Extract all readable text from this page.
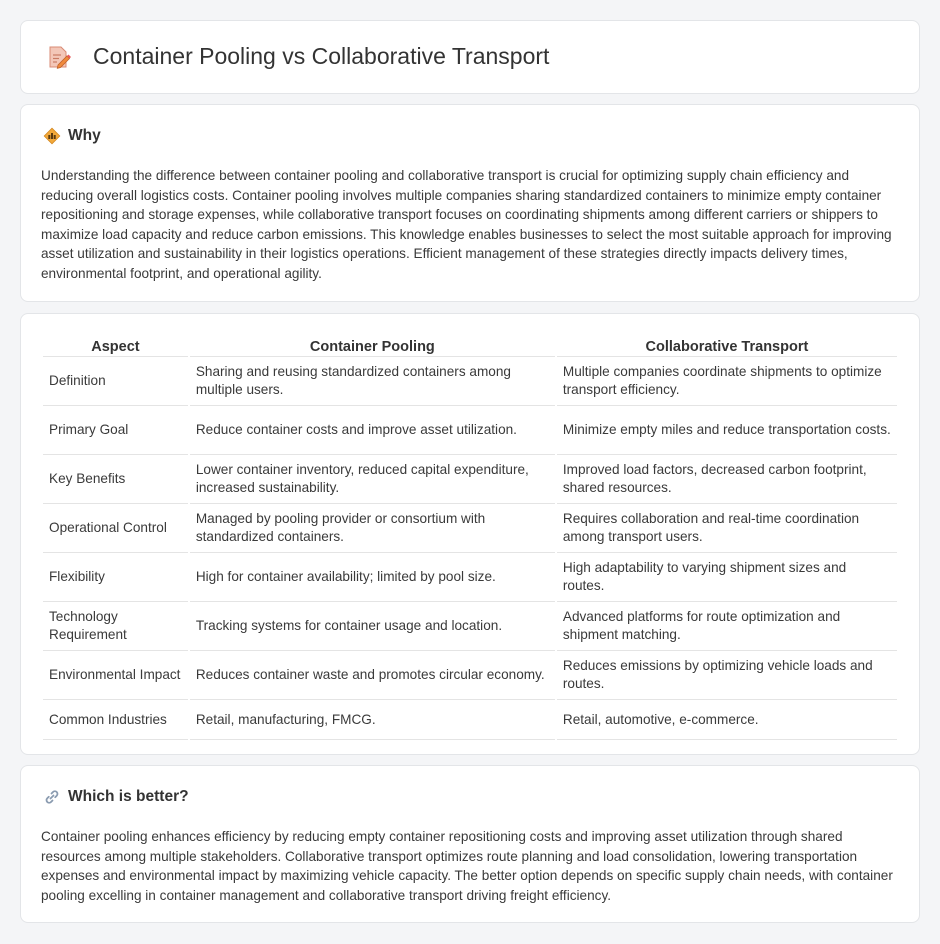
Container Pooling vs Collaborative Transport
Why

Understanding the difference between container pooling and collaborative transport is crucial for optimizing supply chain efficiency and reducing overall logistics costs. Container pooling involves multiple companies sharing standardized containers to minimize empty container repositioning and storage expenses, while collaborative transport focuses on coordinating shipments among different carriers or shippers to maximize load capacity and reduce carbon emissions. This knowledge enables businesses to select the most suitable approach for improving asset utilization and sustainability in their logistics operations. Efficient management of these strategies directly impacts delivery times, environmental footprint, and operational agility.

Aspect	Container Pooling	Collaborative Transport
Definition	Sharing and reusing standardized containers among multiple users.	Multiple companies coordinate shipments to optimize transport efficiency.
Primary Goal	Reduce container costs and improve asset utilization.	Minimize empty miles and reduce transportation costs.
Key Benefits	Lower container inventory, reduced capital expenditure, increased sustainability.	Improved load factors, decreased carbon footprint, shared resources.
Operational Control	Managed by pooling provider or consortium with standardized containers.	Requires collaboration and real-time coordination among transport users.
Flexibility	High for container availability; limited by pool size.	High adaptability to varying shipment sizes and routes.
Technology Requirement	Tracking systems for container usage and location.	Advanced platforms for route optimization and shipment matching.
Environmental Impact	Reduces container waste and promotes circular economy.	Reduces emissions by optimizing vehicle loads and routes.
Common Industries	Retail, manufacturing, FMCG.	Retail, automotive, e-commerce.
Which is better?

Container pooling enhances efficiency by reducing empty container repositioning costs and improving asset utilization through shared resources among multiple stakeholders. Collaborative transport optimizes route planning and load consolidation, lowering transportation expenses and environmental impact by maximizing vehicle capacity. The better option depends on specific supply chain needs, with container pooling excelling in container management and collaborative transport driving freight efficiency.
